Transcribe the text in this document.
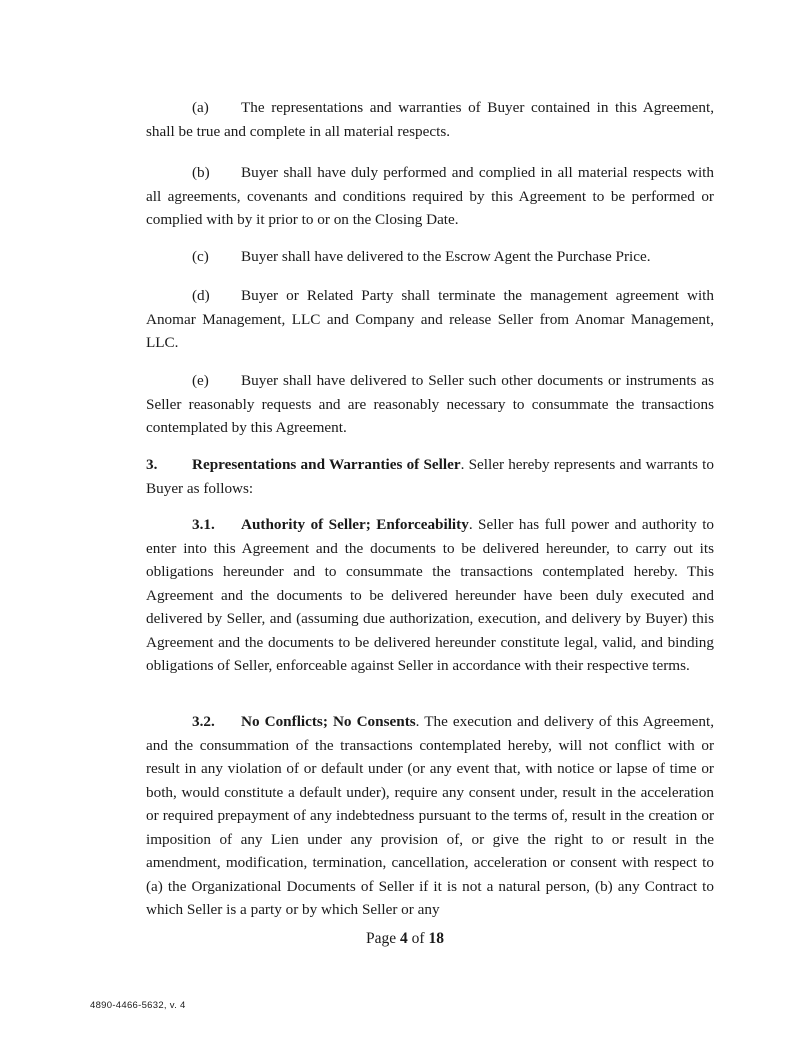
(a) The representations and warranties of Buyer contained in this Agreement, shall be true and complete in all material respects.

(b) Buyer shall have duly performed and complied in all material respects with all agreements, covenants and conditions required by this Agreement to be performed or complied with by it prior to or on the Closing Date.

(c) Buyer shall have delivered to the Escrow Agent the Purchase Price.

(d) Buyer or Related Party shall terminate the management agreement with Anomar Management, LLC and Company and release Seller from Anomar Management, LLC.

(e) Buyer shall have delivered to Seller such other documents or instruments as Seller reasonably requests and are reasonably necessary to consummate the transactions contemplated by this Agreement.

3. Representations and Warranties of Seller. Seller hereby represents and warrants to Buyer as follows:

3.1. Authority of Seller; Enforceability. Seller has full power and authority to enter into this Agreement and the documents to be delivered hereunder, to carry out its obligations hereunder and to consummate the transactions contemplated hereby. This Agreement and the documents to be delivered hereunder have been duly executed and delivered by Seller, and (assuming due authorization, execution, and delivery by Buyer) this Agreement and the documents to be delivered hereunder constitute legal, valid, and binding obligations of Seller, enforceable against Seller in accordance with their respective terms.

3.2. No Conflicts; No Consents. The execution and delivery of this Agreement, and the consummation of the transactions contemplated hereby, will not conflict with or result in any violation of or default under (or any event that, with notice or lapse of time or both, would constitute a default under), require any consent under, result in the acceleration or required prepayment of any indebtedness pursuant to the terms of, result in the creation or imposition of any Lien under any provision of, or give the right to or result in the amendment, modification, termination, cancellation, acceleration or consent with respect to (a) the Organizational Documents of Seller if it is not a natural person, (b) any Contract to which Seller is a party or by which Seller or any

Page 4 of 18
4890-4466-5632, v. 4
